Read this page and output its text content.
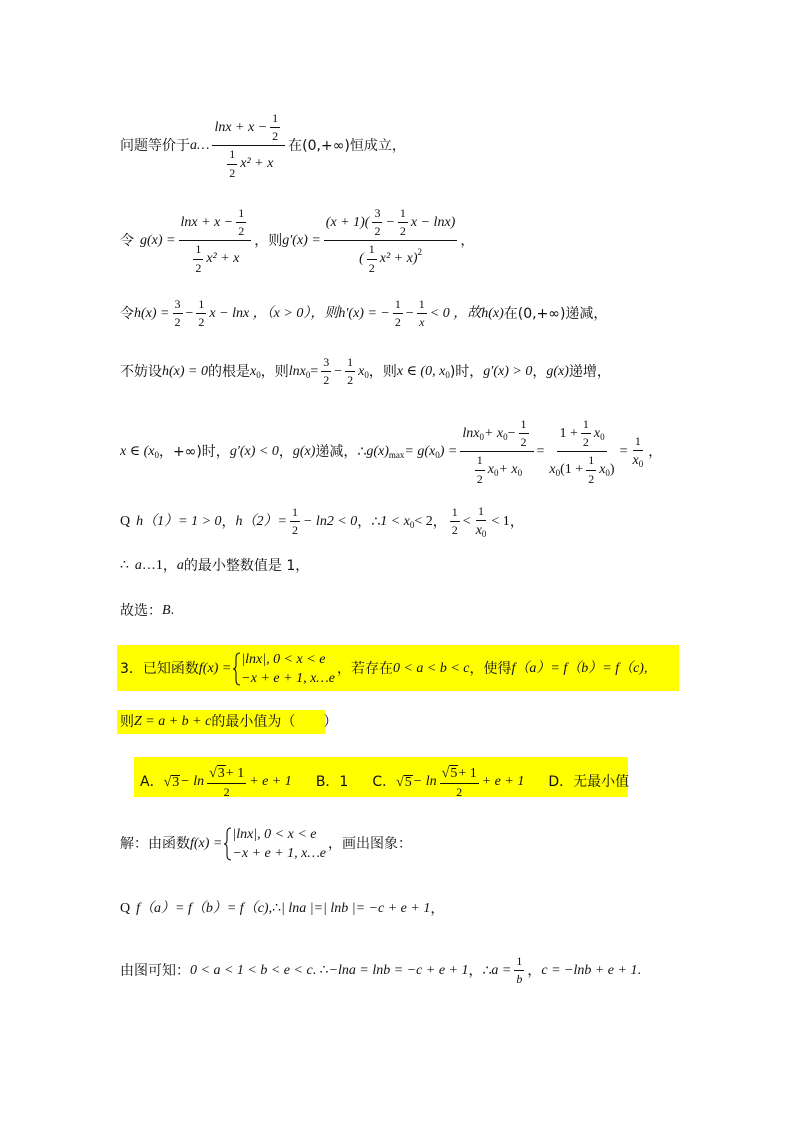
问题等价于 a … $\frac{\ln x + x - \frac{1}{2}}{\frac{1}{2} x^2 + x}$ 在(0,+∞)恒成立，
令 $g(x) = \frac{\ln x + x - \frac{1}{2}}{\frac{1}{2} x^2 + x}$ ，则 $g'(x) = \frac{(x + 1)( \frac{3}{2} - \frac{1}{2} x - \ln x)}{( \frac{1}{2} x^2 + x) 2}$ ，
令 $h(x) = \frac{3}{2} - \frac{1}{2}$ x − lnx ，（x > 0），则 h′(x) = − $\frac{1}{2} - \frac{1}{x} < 0$ ，故 h(x) 在(0,+∞)递减，
不妨设 h(x) = 0 的根是 x 0 ，则 lnx $0 = \frac{3}{2} - \frac{1}{2}$ x 0 ，则 x ∈ (0, x 0 )时， g′(x) > 0 ， g(x) 递增，
x ∈ (x 0 ，+∞)时， g′(x) < 0 ， g(x) 递减，∴ g(x) max = g(x 0 ) = $\frac{\ln x 0 + x 0 - \frac{1}{2}}{\frac{1}{2} x 0 + x 0} = \frac{1 + \frac{1}{2} x 0}{x 0 (1 + \frac{1}{2} x 0 )} = \frac{1}{x 0}$ ，
Q h（1）= 1 > 0 ， $h(2)= \frac{1}{2} - \ln 2 < 0$ ，∴ 1 < x 0 < 2 ， $\frac{1}{2} < \frac{1}{x 0} < 1$ ，
∴ a …1 ， a 的最小整数值是 1，
故选： B .
3．已知函数 f(x) =
|lnx|, 0 < x < e
−x + e + 1, x…e
，若存在 0 < a < b < c ，使得 f（a）= f（b）= f（c),
则 Z = a + b + c 的最小值为（　　）
A． √ $3 - \ln \frac{√ 3 + 1}{2} + e + 1$ B．1 C． √ $5 - \ln \frac{√ 5 + 1}{2} + e + 1$ D．无最小值
解：由函数 f(x) =
|lnx|, 0 < x < e
−x + e + 1, x…e
，画出图象：
Q f（a）= f（b）= f（c), ∴ | lna |=| lnb |= −c + e + 1 ，
由图可知： 0 < a < 1 < b < e < c . ∴ −lna = lnb = −c + e + 1 ，∴ $a = \frac{1}{b}$ ， c = −lnb + e + 1 .
